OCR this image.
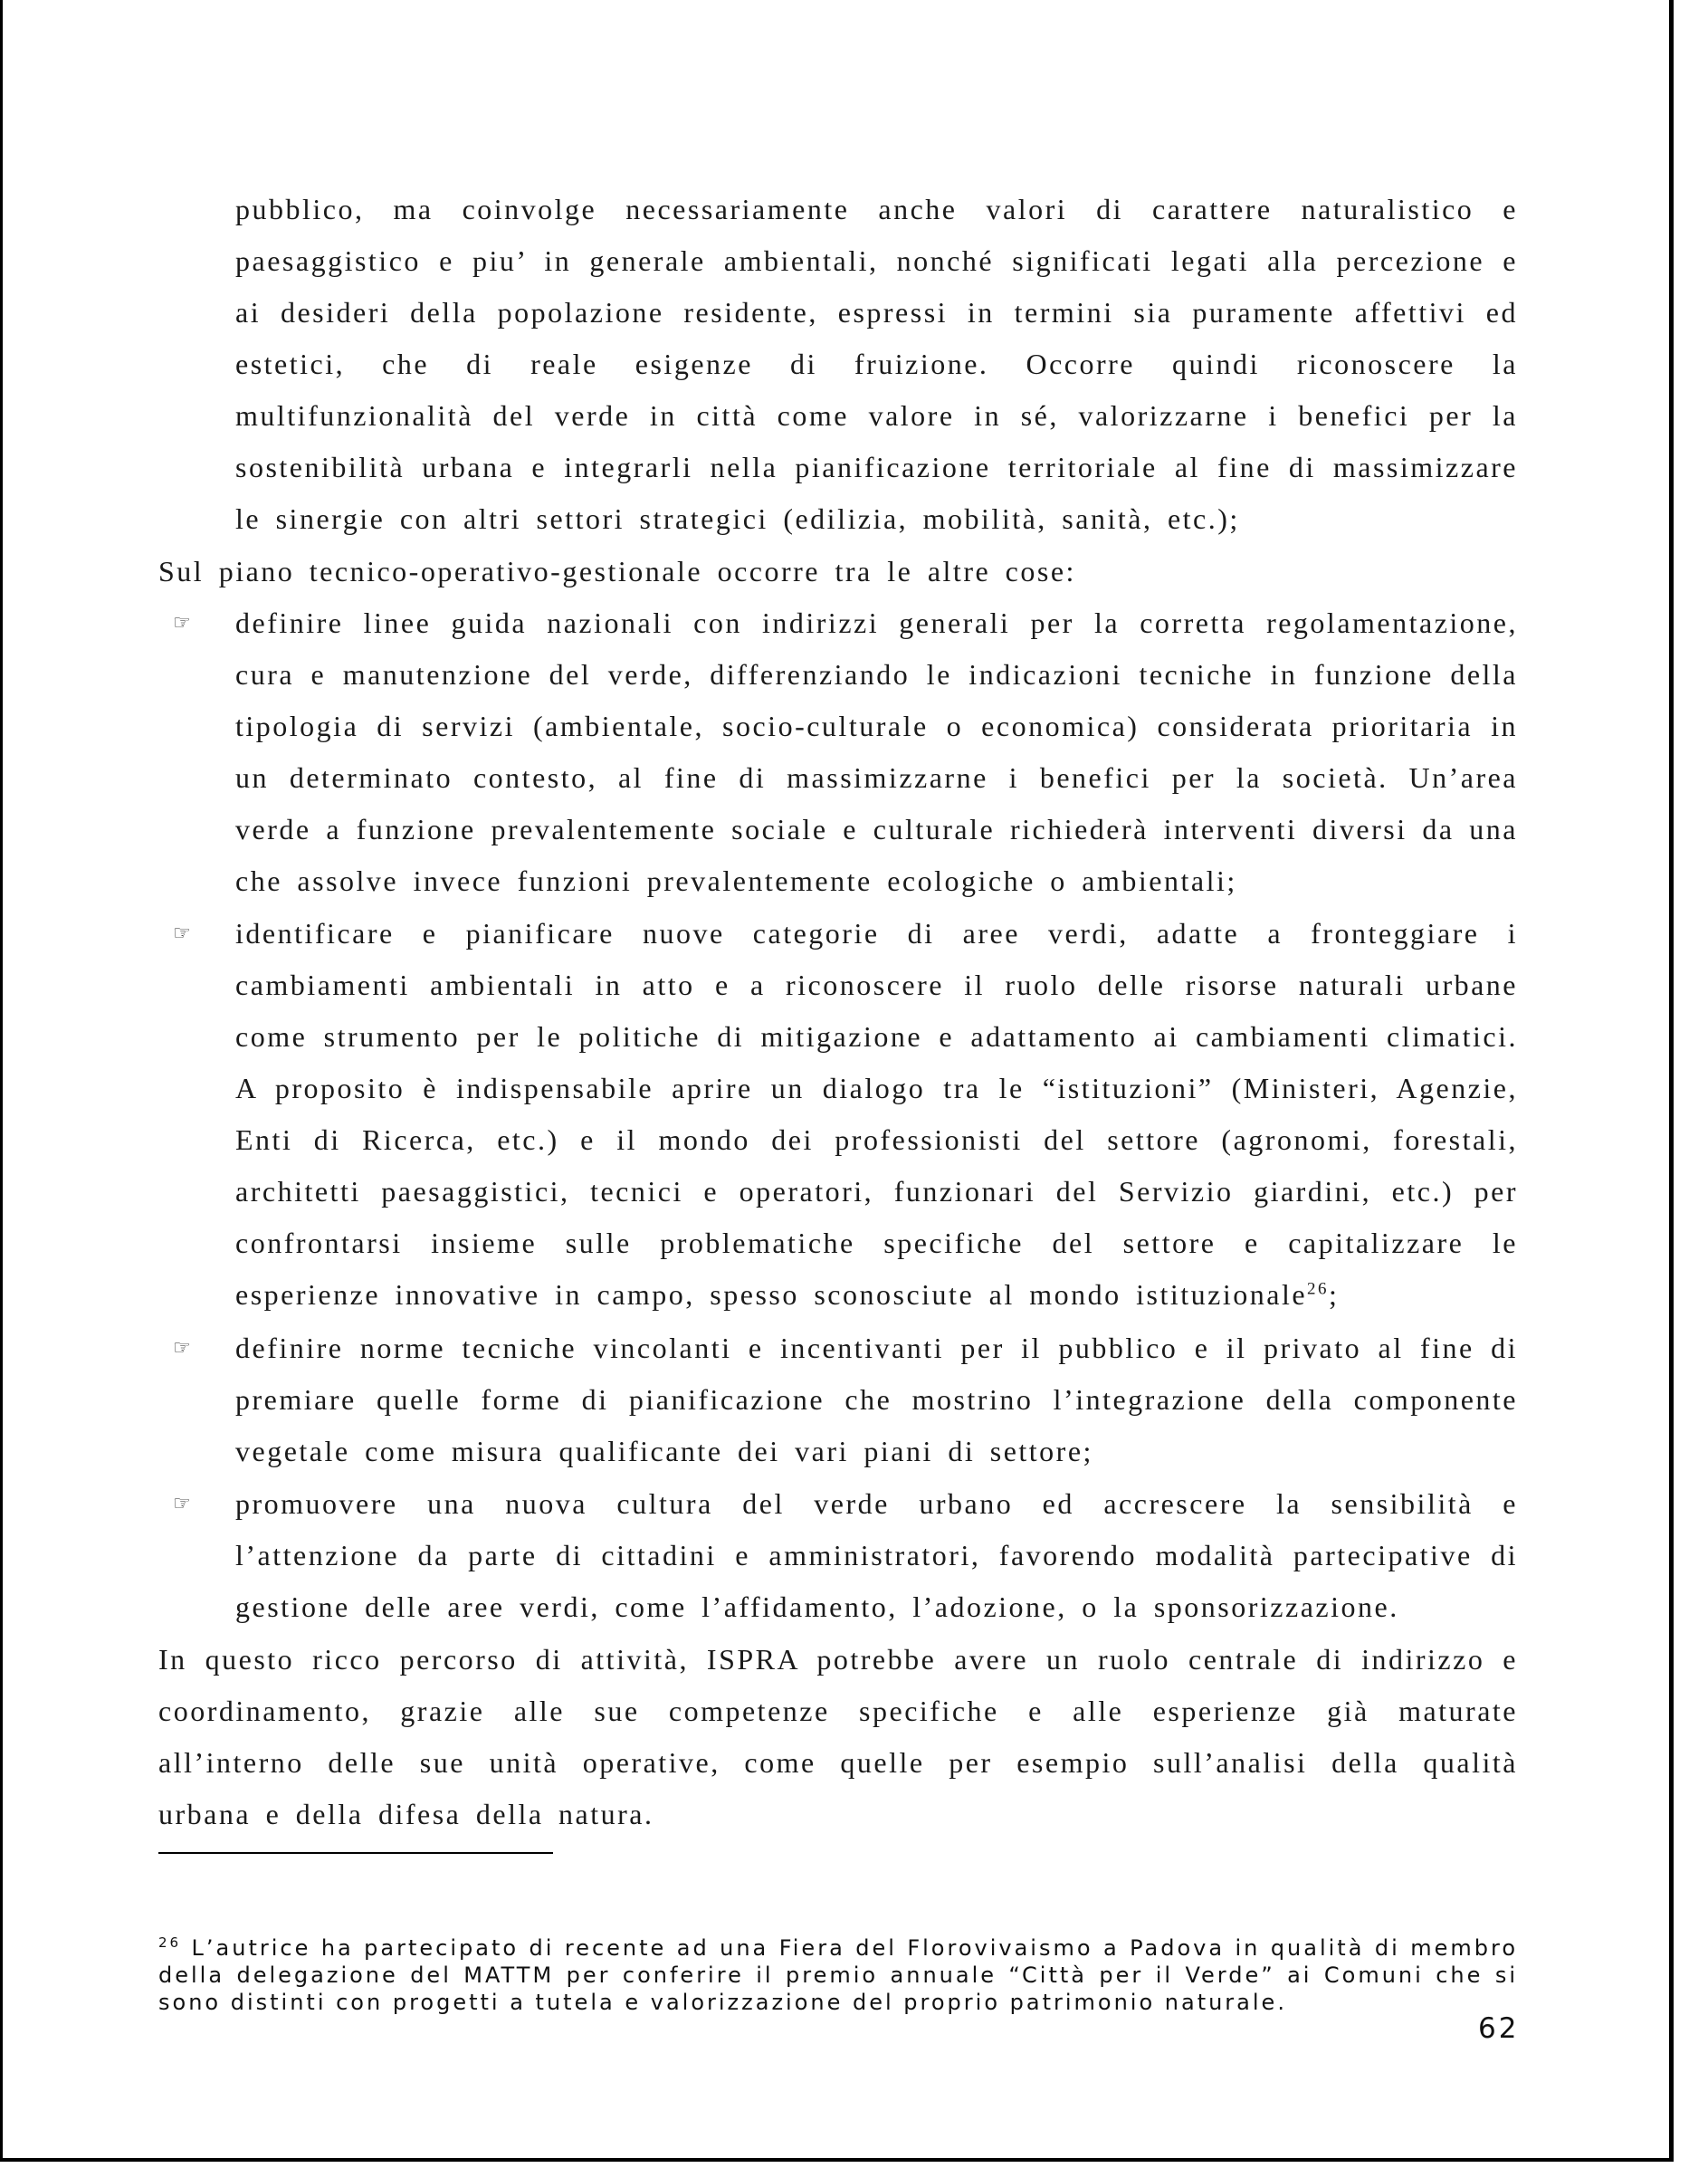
pubblico, ma coinvolge necessariamente anche valori di carattere naturalistico e paesaggistico e piu’ in generale ambientali, nonché significati legati alla percezione e ai desideri della popolazione residente, espressi in termini sia puramente affettivi ed estetici, che di reale esigenze di fruizione. Occorre quindi riconoscere la multifunzionalità del verde in città come valore in sé, valorizzarne i benefici per la sostenibilità urbana e integrarli nella pianificazione territoriale al fine di massimizzare le sinergie con altri settori strategici (edilizia, mobilità, sanità, etc.);

Sul piano tecnico-operativo-gestionale occorre tra le altre cose:

☞ definire linee guida nazionali con indirizzi generali per la corretta regolamentazione, cura e manutenzione del verde, differenziando le indicazioni tecniche in funzione della tipologia di servizi (ambientale, socio-culturale o economica) considerata prioritaria in un determinato contesto, al fine di massimizzarne i benefici per la società. Un’area verde a funzione prevalentemente sociale e culturale richiederà interventi diversi da una che assolve invece funzioni prevalentemente ecologiche o ambientali;

☞ identificare e pianificare nuove categorie di aree verdi, adatte a fronteggiare i cambiamenti ambientali in atto e a riconoscere il ruolo delle risorse naturali urbane come strumento per le politiche di mitigazione e adattamento ai cambiamenti climatici. A proposito è indispensabile aprire un dialogo tra le “istituzioni” (Ministeri, Agenzie, Enti di Ricerca, etc.) e il mondo dei professionisti del settore (agronomi, forestali, architetti paesaggistici, tecnici e operatori, funzionari del Servizio giardini, etc.) per confrontarsi insieme sulle problematiche specifiche del settore e capitalizzare le esperienze innovative in campo, spesso sconosciute al mondo istituzionale$^{26}$;

☞ definire norme tecniche vincolanti e incentivanti per il pubblico e il privato al fine di premiare quelle forme di pianificazione che mostrino l’integrazione della componente vegetale come misura qualificante dei vari piani di settore;

☞ promuovere una nuova cultura del verde urbano ed accrescere la sensibilità e l’attenzione da parte di cittadini e amministratori, favorendo modalità partecipative di gestione delle aree verdi, come l’affidamento, l’adozione, o la sponsorizzazione.

In questo ricco percorso di attività, ISPRA potrebbe avere un ruolo centrale di indirizzo e coordinamento, grazie alle sue competenze specifiche e alle esperienze già maturate all’interno delle sue unità operative, come quelle per esempio sull’analisi della qualità urbana e della difesa della natura.

$^{26}$ L’autrice ha partecipato di recente ad una Fiera del Florovivaismo a Padova in qualità di membro della delegazione del MATTM per conferire il premio annuale “Città per il Verde” ai Comuni che si sono distinti con progetti a tutela e valorizzazione del proprio patrimonio naturale.

62
